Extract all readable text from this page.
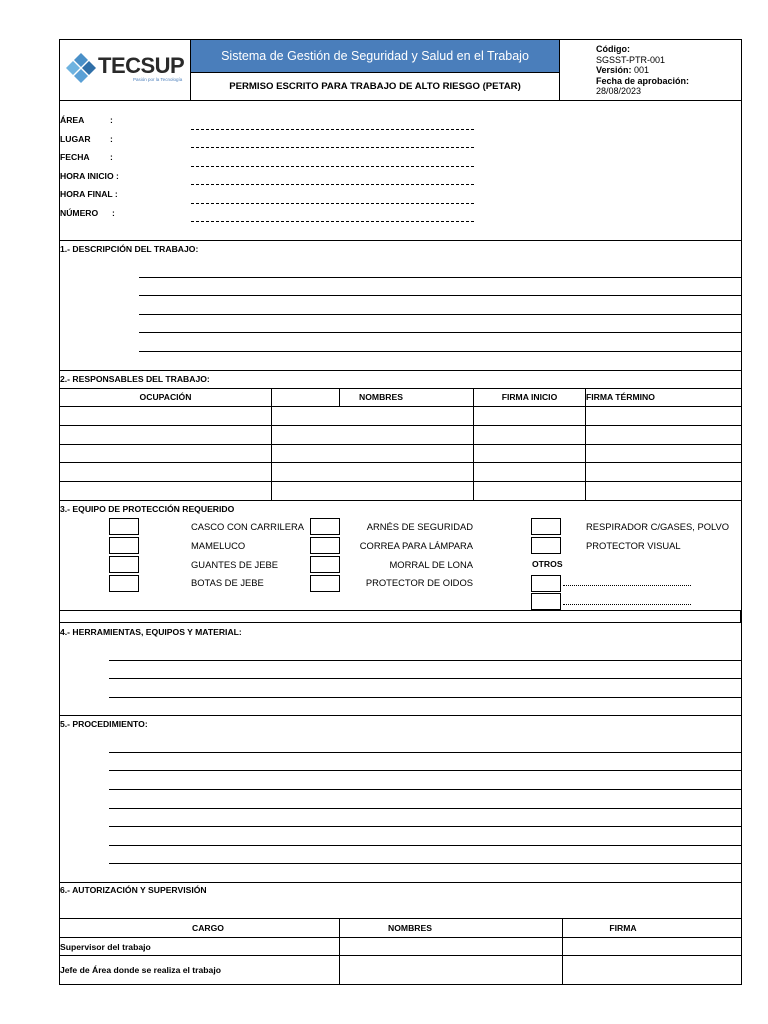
TECSUP
Pasión por la Tecnología
Sistema de Gestión de Seguridad y Salud en el Trabajo
PERMISO ESCRITO PARA TRABAJO DE ALTO RIESGO (PETAR)
Código:
SGSST-PTR-001
Versión: 001
Fecha de aprobación:
28/08/2023
ÁREA	:
LUGAR :
FECHA :
HORA INICIO :
HORA FINAL :
NÚMERO :
1.- DESCRIPCIÓN DEL TRABAJO:
2.- RESPONSABLES DEL TRABAJO:
OCUPACIÓN	NOMBRES	FIRMA INICIO	FIRMA TÉRMINO
3.- EQUIPO DE PROTECCIÓN REQUERIDO
CASCO CON CARRILERA
MAMELUCO
GUANTES DE JEBE
BOTAS DE JEBE
ARNÉS DE SEGURIDAD
CORREA PARA LÁMPARA
MORRAL DE LONA
PROTECTOR DE OIDOS
RESPIRADOR C/GASES, POLVO
PROTECTOR VISUAL
OTROS
4.- HERRAMIENTAS, EQUIPOS Y MATERIAL:
5.- PROCEDIMIENTO:
6.- AUTORIZACIÓN Y SUPERVISIÓN
CARGO	NOMBRES	FIRMA
Supervisor del trabajo
Jefe de Área donde se realiza el trabajo
